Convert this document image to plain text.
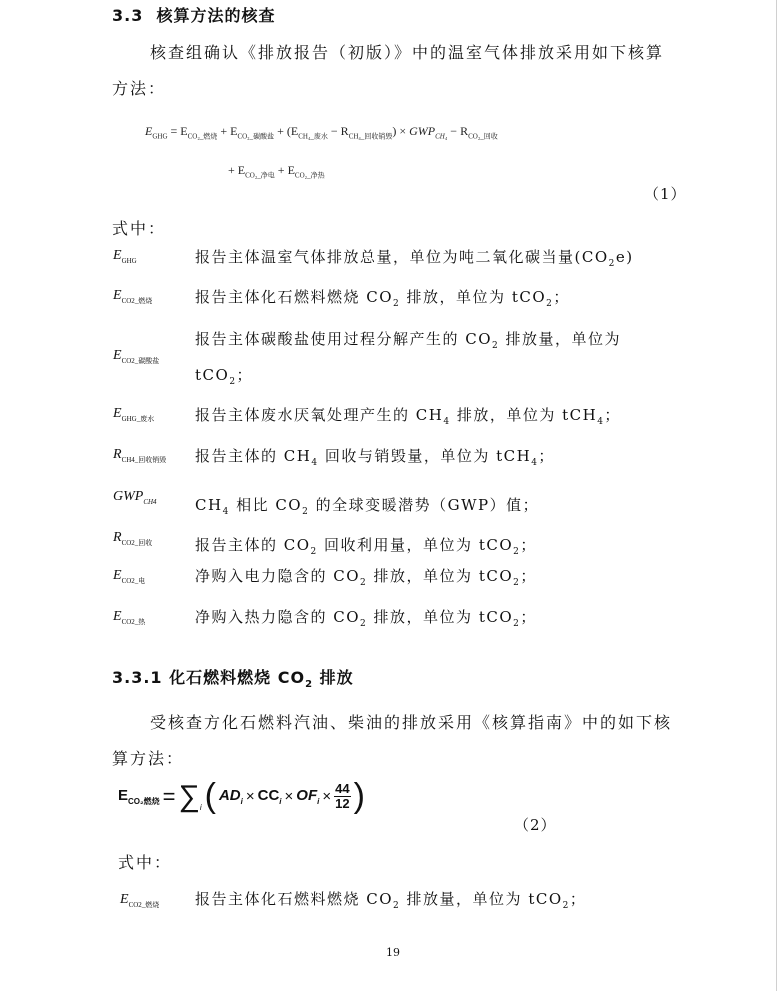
3.3 核算方法的核查
核查组确认《排放报告（初版）》中的温室气体排放采用如下核算
方法：
$E_{GHG} = E_{CO_2\_燃烧} + E_{CO_2\_碳酸盐} + (E_{CH_4\_废水} - R_{CH_4\_回收销毁}) \times GWP_{CH_4} - R_{CO_2\_回收}$
+ $E_{CO_2\_净电} + E_{CO_2\_净热}$
（1）
式中：
$E_{GHG}$	报告主体温室气体排放总量，单位为吨二氧化碳当量$(CO_2e)$
$E_{CO2\_燃烧}$	报告主体化石燃料燃烧 $CO_2$ 排放，单位为 tCO$_2$；
$E_{CO2\_碳酸盐}$
报告主体碳酸盐使用过程分解产生的 $CO_2$ 排放量，单位为
tCO$_2$；
$E_{GHG\_废水}$	报告主体废水厌氧处理产生的 $CH_4$ 排放，单位为 tCH$_4$；
$R_{CH4\_回收销毁}$ 报告主体的 $CH_4$ 回收与销毁量，单位为 tCH$_4$；
$GWP_{CH4}$	$CH_4$ 相比 $CO_2$ 的全球变暖潜势（GWP）值；
$R_{CO2\_回收}$	报告主体的 $CO_2$ 回收利用量，单位为 tCO$_2$；
$E_{CO2\_电}$	净购入电力隐含的 $CO_2$ 排放，单位为 tCO$_2$；
$E_{CO2\_热}$	净购入热力隐含的 $CO_2$ 排放，单位为 tCO$_2$；
3.3.1 化石燃料燃烧 $CO_2$ 排放
受核查方化石燃料汽油、柴油的排放采用《核算指南》中的如下核
算方法：
$E_{CO_2燃烧} = \sum_i$ ( $AD_i \times CC_i \times OF_i \times \frac{44}{12}$ )
（2）
式中：
$E_{CO2\_燃烧}$ 报告主体化石燃料燃烧 $CO_2$ 排放量，单位为 tCO$_2$；
19
